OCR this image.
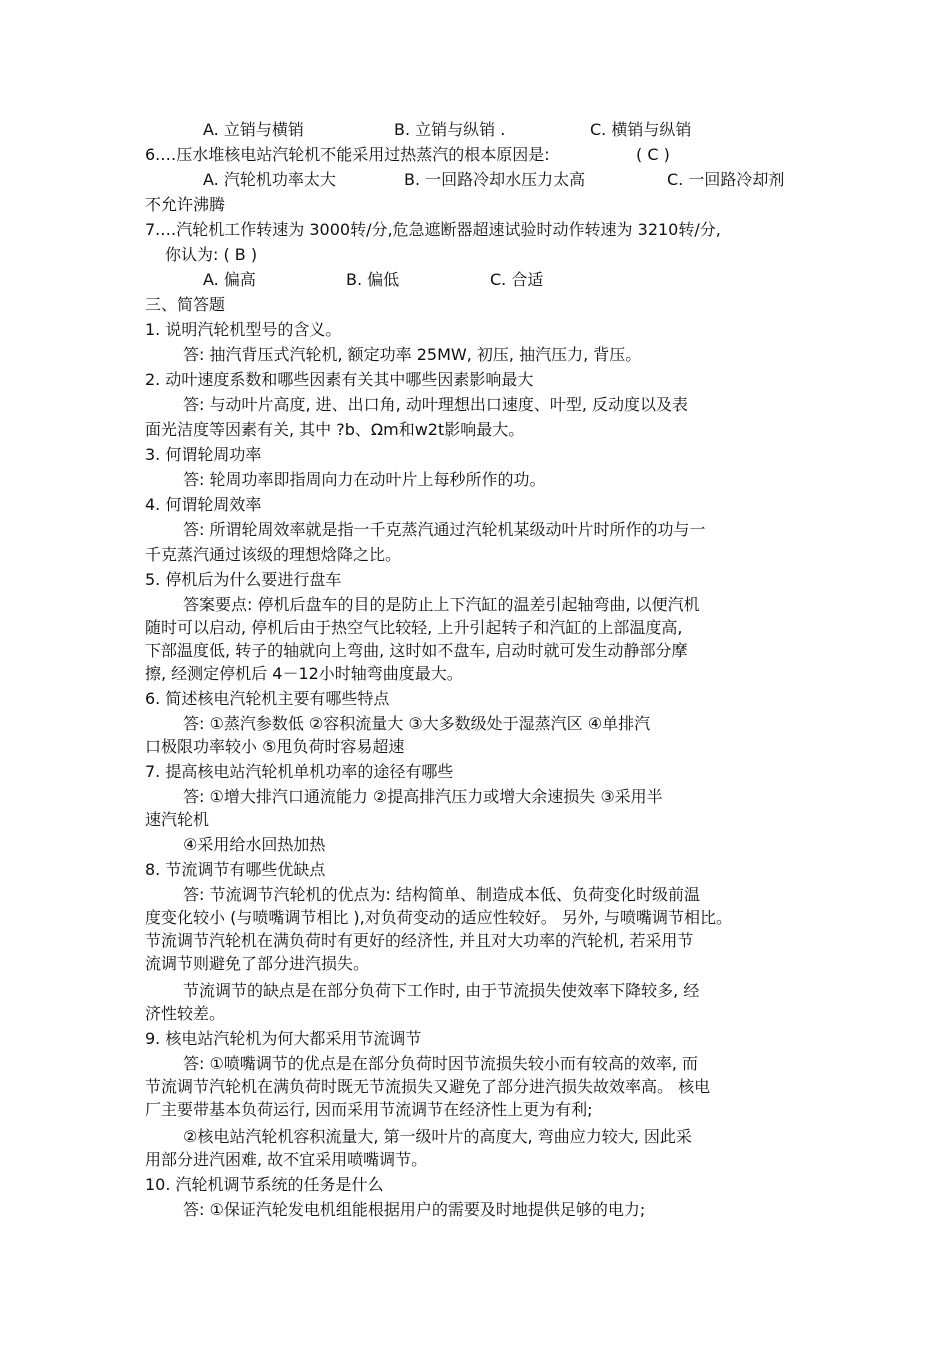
A. 立销与横销	B. 立销与纵销 .	C. 横销与纵销
6.…压水堆核电站汽轮机不能采用过热蒸汽的根本原因是:	( C )
A. 汽轮机功率太大	B. 一回路冷却水压力太高	C. 一回路冷却剂
不允许沸腾
7.…汽轮机工作转速为 3000转/分,危急遮断器超速试验时动作转速为 3210转/分,
你认为: ( B )
A. 偏高	B. 偏低	C. 合适
三、简答题
1. 说明汽轮机型号的含义。
答: 抽汽背压式汽轮机, 额定功率 25MW, 初压, 抽汽压力, 背压。
2. 动叶速度系数和哪些因素有关其中哪些因素影响最大
答: 与动叶片高度, 进、出口角, 动叶理想出口速度、叶型, 反动度以及表
面光洁度等因素有关, 其中 ?b、Ωm和w2t影响最大。
3. 何谓轮周功率
答: 轮周功率即指周向力在动叶片上每秒所作的功。
4. 何谓轮周效率
答: 所谓轮周效率就是指一千克蒸汽通过汽轮机某级动叶片时所作的功与一
千克蒸汽通过该级的理想焓降之比。
5. 停机后为什么要进行盘车
答案要点: 停机后盘车的目的是防止上下汽缸的温差引起轴弯曲, 以便汽机
随时可以启动, 停机后由于热空气比较轻, 上升引起转子和汽缸的上部温度高,
下部温度低, 转子的轴就向上弯曲, 这时如不盘车, 启动时就可发生动静部分摩
擦, 经测定停机后 4－12小时轴弯曲度最大。
6. 简述核电汽轮机主要有哪些特点
答: ①蒸汽参数低 ②容积流量大 ③大多数级处于湿蒸汽区 ④单排汽
口极限功率较小 ⑤甩负荷时容易超速
7. 提高核电站汽轮机单机功率的途径有哪些
答: ①增大排汽口通流能力 ②提高排汽压力或增大余速损失 ③采用半
速汽轮机
④采用给水回热加热
8. 节流调节有哪些优缺点
答: 节流调节汽轮机的优点为: 结构简单、制造成本低、负荷变化时级前温
度变化较小 (与喷嘴调节相比 ),对负荷变动的适应性较好。 另外, 与喷嘴调节相比。
节流调节汽轮机在满负荷时有更好的经济性, 并且对大功率的汽轮机, 若采用节
流调节则避免了部分进汽损失。
节流调节的缺点是在部分负荷下工作时, 由于节流损失使效率下降较多, 经
济性较差。
9. 核电站汽轮机为何大都采用节流调节
答: ①喷嘴调节的优点是在部分负荷时因节流损失较小而有较高的效率, 而
节流调节汽轮机在满负荷时既无节流损失又避免了部分进汽损失故效率高。 核电
厂主要带基本负荷运行, 因而采用节流调节在经济性上更为有利;
②核电站汽轮机容积流量大, 第一级叶片的高度大, 弯曲应力较大, 因此采
用部分进汽困难, 故不宜采用喷嘴调节。
10. 汽轮机调节系统的任务是什么
答: ①保证汽轮发电机组能根据用户的需要及时地提供足够的电力;
